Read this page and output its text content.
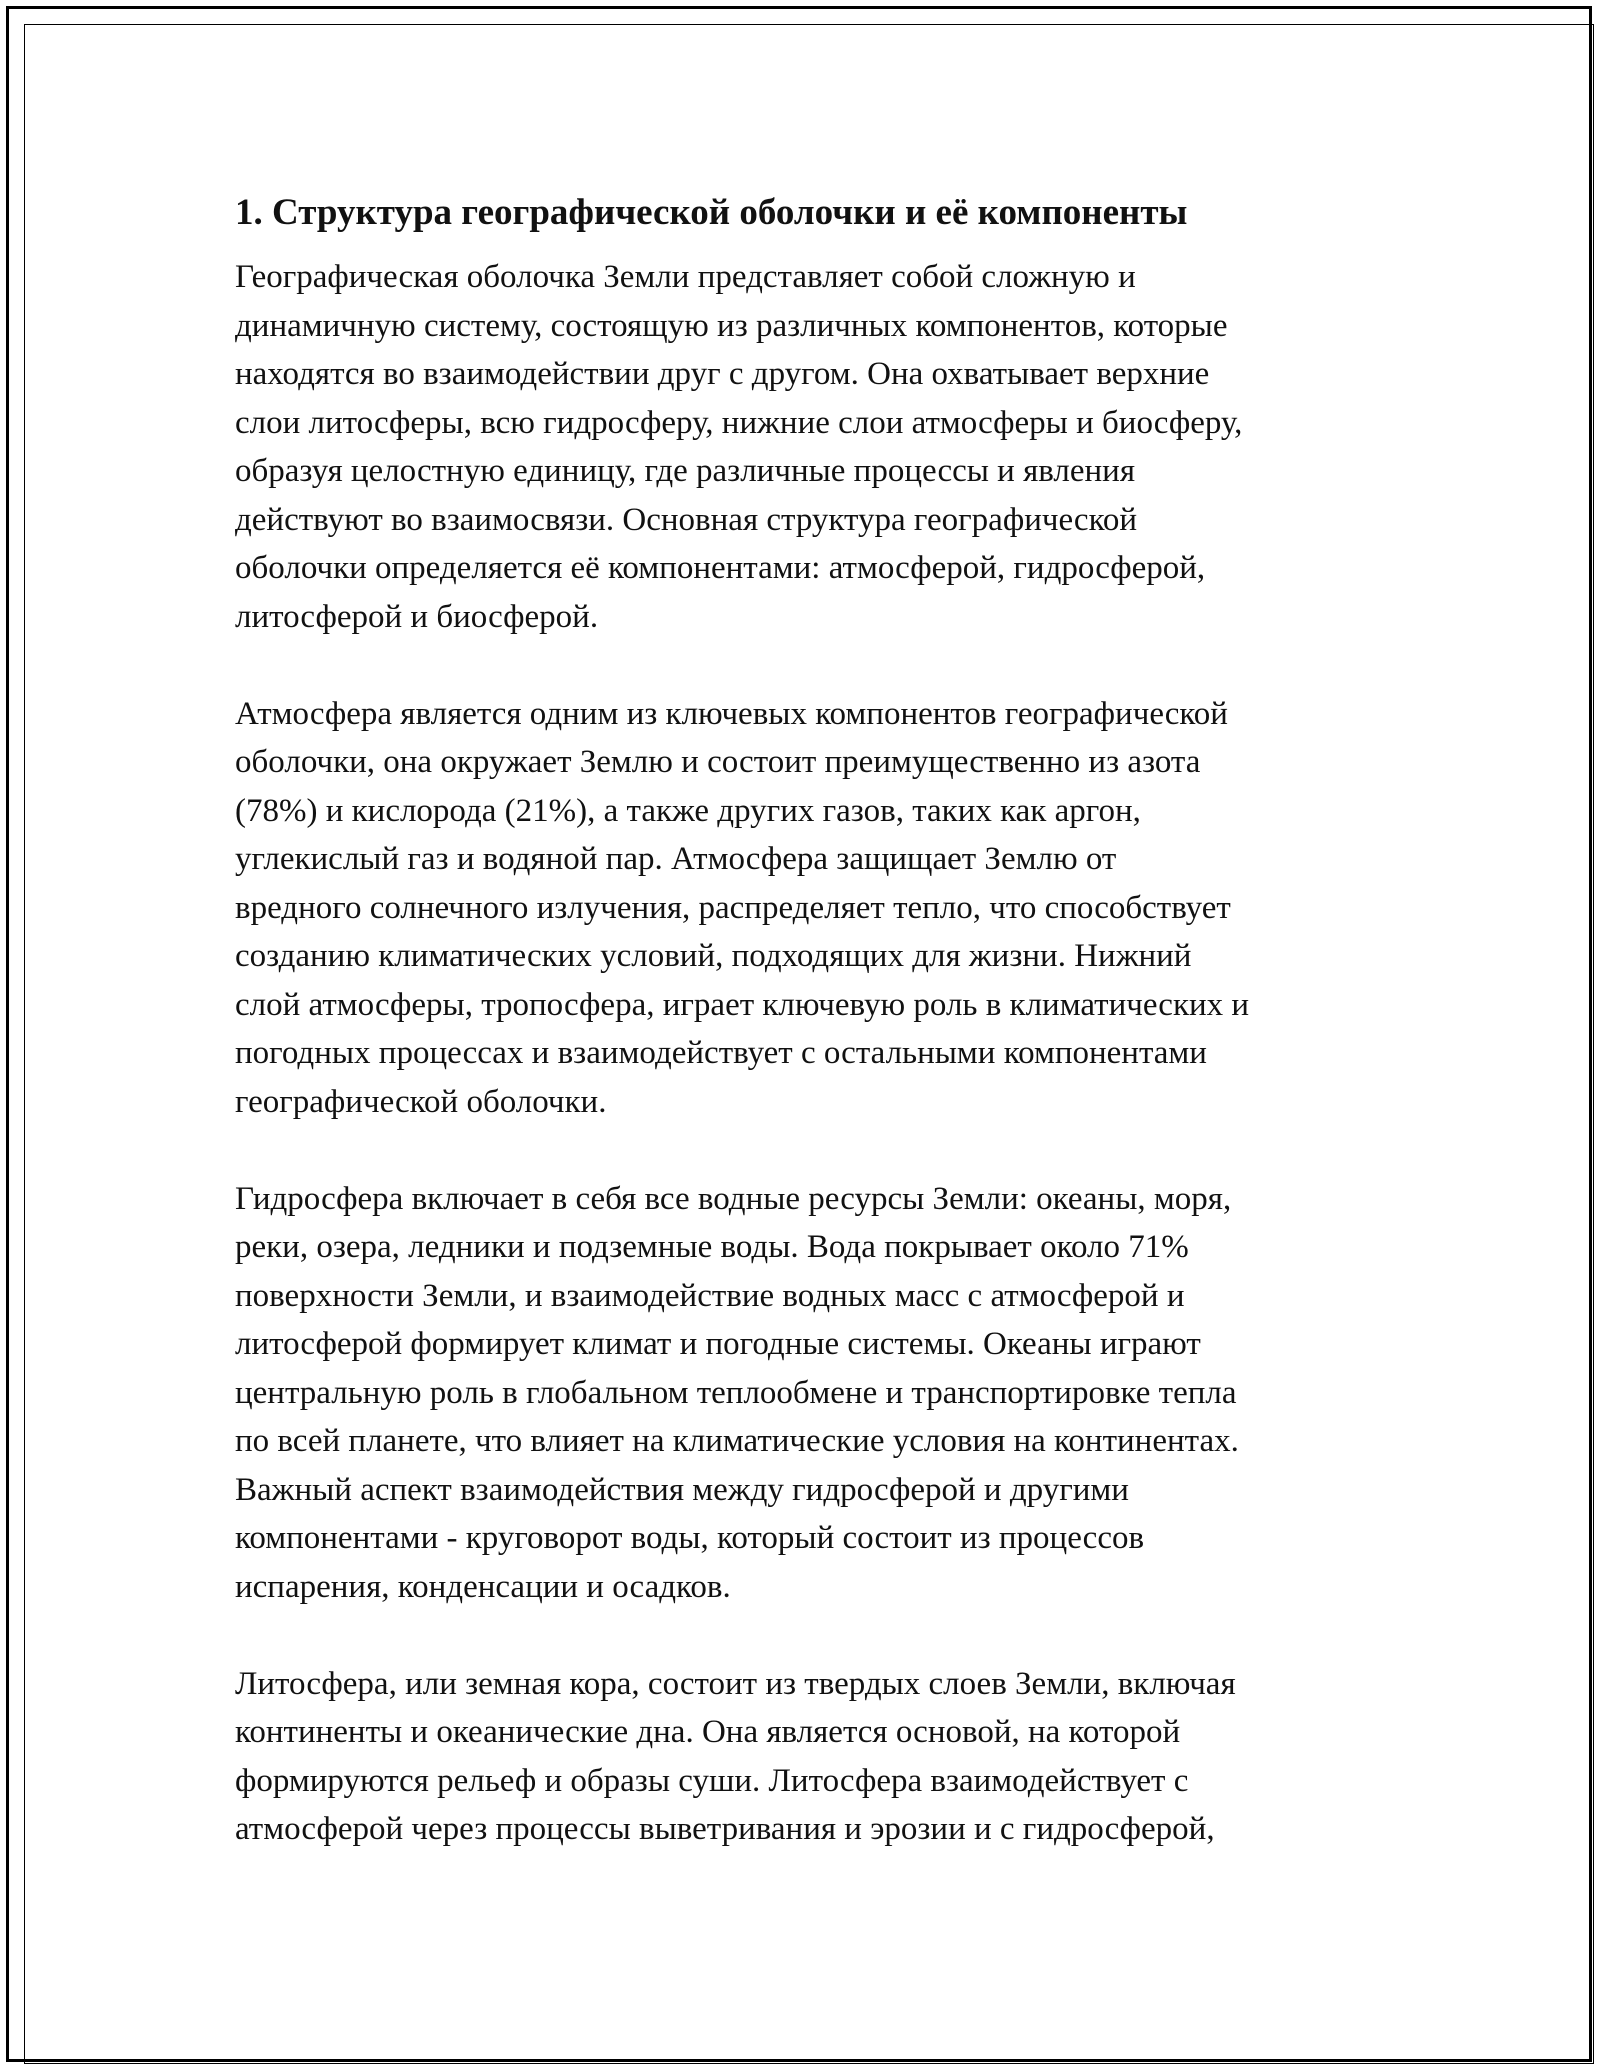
1. Структура географической оболочки и её компоненты

Географическая оболочка Земли представляет собой сложную и
динамичную систему, состоящую из различных компонентов, которые
находятся во взаимодействии друг с другом. Она охватывает верхние
слои литосферы, всю гидросферу, нижние слои атмосферы и биосферу,
образуя целостную единицу, где различные процессы и явления
действуют во взаимосвязи. Основная структура географической
оболочки определяется её компонентами: атмосферой, гидросферой,
литосферой и биосферой.

Атмосфера является одним из ключевых компонентов географической
оболочки, она окружает Землю и состоит преимущественно из азота
(78%) и кислорода (21%), а также других газов, таких как аргон,
углекислый газ и водяной пар. Атмосфера защищает Землю от
вредного солнечного излучения, распределяет тепло, что способствует
созданию климатических условий, подходящих для жизни. Нижний
слой атмосферы, тропосфера, играет ключевую роль в климатических и
погодных процессах и взаимодействует с остальными компонентами
географической оболочки.

Гидросфера включает в себя все водные ресурсы Земли: океаны, моря,
реки, озера, ледники и подземные воды. Вода покрывает около 71%
поверхности Земли, и взаимодействие водных масс с атмосферой и
литосферой формирует климат и погодные системы. Океаны играют
центральную роль в глобальном теплообмене и транспортировке тепла
по всей планете, что влияет на климатические условия на континентах.
Важный аспект взаимодействия между гидросферой и другими
компонентами - круговорот воды, который состоит из процессов
испарения, конденсации и осадков.

Литосфера, или земная кора, состоит из твердых слоев Земли, включая
континенты и океанические дна. Она является основой, на которой
формируются рельеф и образы суши. Литосфера взаимодействует с
атмосферой через процессы выветривания и эрозии и с гидросферой,
